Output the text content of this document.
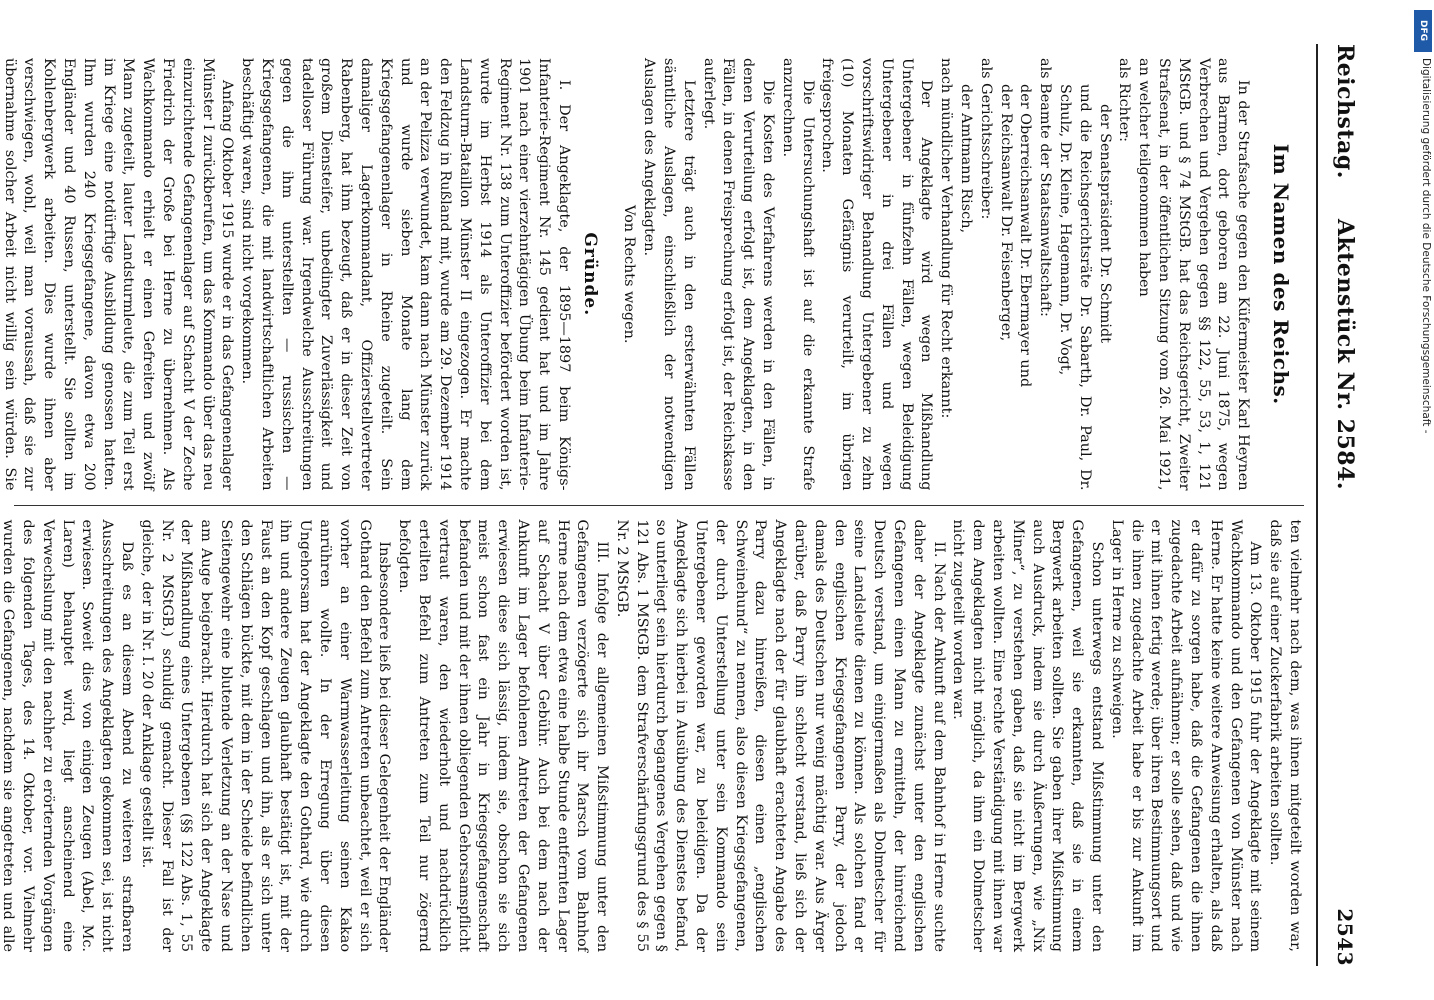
Reichstag.
Aktenstück Nr. 2584.
2543
Im Namen des Reichs.

In der Strafsache gegen den Küfermeister Karl Heynen aus Barmen, dort geboren am 22. Juni 1875, wegen Verbrechen und Vergehen gegen §§ 122, 55, 53, 1, 121 MStGB. und § 74 MStGB. hat das Reichsgericht, Zweiter Strafsenat, in der öffentlichen Sitzung vom 26. Mai 1921, an welcher teilgenommen haben

als Richter:

der Senatspräsident Dr. Schmidt

und die Reichsgerichtsräte Dr. Sabarth, Dr. Paul, Dr. Schulz, Dr. Kleine, Hagemann, Dr. Vogt,

als Beamte der Staatsanwaltschaft:

der Oberreichsanwalt Dr. Ebermayer und

der Reichsanwalt Dr. Feisenberger,

als Gerichtsschreiber:

der Amtmann Risch,

nach mündlicher Verhandlung für Recht erkannt:

Der Angeklagte wird wegen Mißhandlung Untergebener in fünfzehn Fällen, wegen Beleidigung Untergebener in drei Fällen und wegen vorschriftswidriger Behandlung Untergebener zu zehn (10) Monaten Gefängnis verurteilt, im übrigen freigesprochen.

Die Untersuchungshaft ist auf die erkannte Strafe anzurechnen.

Die Kosten des Verfahrens werden in den Fällen, in denen Verurteilung erfolgt ist, dem Angeklagten, in den Fällen, in denen Freisprechung erfolgt ist, der Reichskasse auferlegt.

Letztere trägt auch in den ersterwähnten Fällen sämtliche Auslagen, einschließlich der notwendigen Auslagen des Angeklagten.

Von Rechts wegen.

Gründe.

I. Der Angeklagte, der 1895—1897 beim Königs-Infanterie-Regiment Nr. 145 gedient hat und im Jahre 1901 nach einer vierzehntägigen Übung beim Infanterie-Regiment Nr. 138 zum Unteroffizier befördert worden ist, wurde im Herbst 1914 als Unteroffizier bei dem Landsturm-Bataillon Münster II eingezogen. Er machte den Feldzug in Rußland mit, wurde am 29. Dezember 1914 an der Pelizza verwundet, kam dann nach Münster zurück und wurde sieben Monate lang dem Kriegsgefangenenlager in Rheine zugeteilt. Sein damaliger Lagerkommandant, Offizierstellvertreter Rabenberg, hat ihm bezeugt, daß er in dieser Zeit von großem Diensteifer, unbedingter Zuverlässigkeit und tadelloser Führung war. Irgendwelche Ausschreitungen gegen die ihm unterstellten — russischen — Kriegsgefangenen, die mit landwirtschaftlichen Arbeiten beschäftigt waren, sind nicht vorgekommen.

Anfang Oktober 1915 wurde er in das Gefangenenlager Münster I zurückberufen, um das Kommando über das neu einzurichtende Gefangenenlager auf Schacht V der Zeche Friedrich der Große bei Herne zu übernehmen. Als Wachkommando erhielt er einen Gefreiten und zwölf Mann zugeteilt, lauter Landsturmleute, die zum Teil erst im Kriege eine notdürftige Ausbildung genossen hatten. Ihm wurden 240 Kriegsgefangene, davon etwa 200 Engländer und 40 Russen, unterstellt. Sie sollten im Kohlenbergwerk arbeiten. Dies wurde ihnen aber verschwiegen, wohl, weil man voraussah, daß sie zur übernahme solcher Arbeit nicht willig sein würden. Sie

ten vielmehr nach dem, was ihnen mitgeteilt worden war, daß sie auf einer Zuckerfabrik arbeiten sollten.

Am 13. Oktober 1915 fuhr der Angeklagte mit seinem Wachkommando und den Gefangenen von Münster nach Herne. Er hatte keine weitere Anweisung erhalten, als daß er dafür zu sorgen habe, daß die Gefangenen die ihnen zugedachte Arbeit aufnähmen; er solle sehen, daß und wie er mit ihnen fertig werde; über ihren Bestimmungsort und die ihnen zugedachte Arbeit habe er bis zur Ankunft im Lager in Herne zu schweigen.

Schon unterwegs entstand Mißstimmung unter den Gefangenen, weil sie erkannten, daß sie in einem Bergwerk arbeiten sollten. Sie gaben ihrer Mißstimmung auch Ausdruck, indem sie durch Äußerungen, wie „Nix Miner“, zu verstehen gaben, daß sie nicht im Bergwerk arbeiten wollten. Eine rechte Verständigung mit ihnen war dem Angeklagten nicht möglich, da ihm ein Dolmetscher nicht zugeteilt worden war.

II. Nach der Ankunft auf dem Bahnhof in Herne suchte daher der Angeklagte zunächst unter den englischen Gefangenen einen Mann zu ermitteln, der hinreichend Deutsch verstand, um einigermaßen als Dolmetscher für seine Landsleute dienen zu können. Als solchen fand er den englischen Kriegsgefangenen Parry, der jedoch damals des Deutschen nur wenig mächtig war. Aus Ärger darüber, daß Parry ihn schlecht verstand, ließ sich der Angeklagte nach der für glaubhaft erachteten Angabe des Parry dazu hinreißen, diesen einen „englischen Schweinehund“ zu nennen, also diesen Kriegsgefangenen, der durch Unterstellung unter sein Kommando sein Untergebener geworden war, zu beleidigen. Da der Angeklagte sich hierbei in Ausübung des Dienstes befand, so unterliegt sein hierdurch begangenes Vergehen gegen § 121 Abs. 1 MStGB. dem Strafverschärfungsgrund des § 55 Nr. 2 MStGB.

III. Infolge der allgemeinen Mißstimmung unter den Gefangenen verzögerte sich ihr Marsch vom Bahnhof Herne nach dem etwa eine halbe Stunde entfernten Lager auf Schacht V über Gebühr. Auch bei dem nach der Ankunft im Lager befohlenen Antreten der Gefangenen erwiesen diese sich lässig, indem sie, obschon sie sich meist schon fast ein Jahr in Kriegsgefangenschaft befanden und mit der ihnen obliegenden Gehorsamspflicht vertraut waren, den wiederholt und nachdrücklich erteilten Befehl zum Antreten zum Teil nur zögernd befolgten.

Insbesondere ließ bei dieser Gelegenheit der Engländer Gothard den Befehl zum Antreten unbeachtet, weil er sich vorher an einer Warmwasserleitung seinen Kakao anrühren wollte. In der Erregung über diesen Ungehorsam hat der Angeklagte den Gothard, wie durch ihn und andere Zeugen glaubhaft bestätigt ist, mit der Faust an den Kopf geschlagen und ihn, als er sich unter den Schlägen bückte, mit dem in der Scheide befindlichen Seitengewehr eine blutende Verletzung an der Nase und am Auge beigebracht. Hierdurch hat sich der Angeklagte der Mißhandlung eines Untergebenen (§§ 122 Abs. 1, 55 Nr. 2 MStGB.) schuldig gemacht. Dieser Fall ist der gleiche, der in Nr. I. 20 der Anklage gestellt ist.

Daß es an diesem Abend zu weiteren strafbaren Ausschreitungen des Angeklagten gekommen sei, ist nicht erwiesen. Soweit dies von einigen Zeugen (Abel, Mc. Laren) behauptet wird, liegt anscheinend eine Verwechslung mit den nachher zu erörternden Vorgängen des folgenden Tages, des 14. Oktober, vor. Vielmehr wurden die Gefangenen, nachdem sie angetreten und alle

DFG
Digitalisierung gefördert durch die Deutsche Forschungsgemeinschaft -
